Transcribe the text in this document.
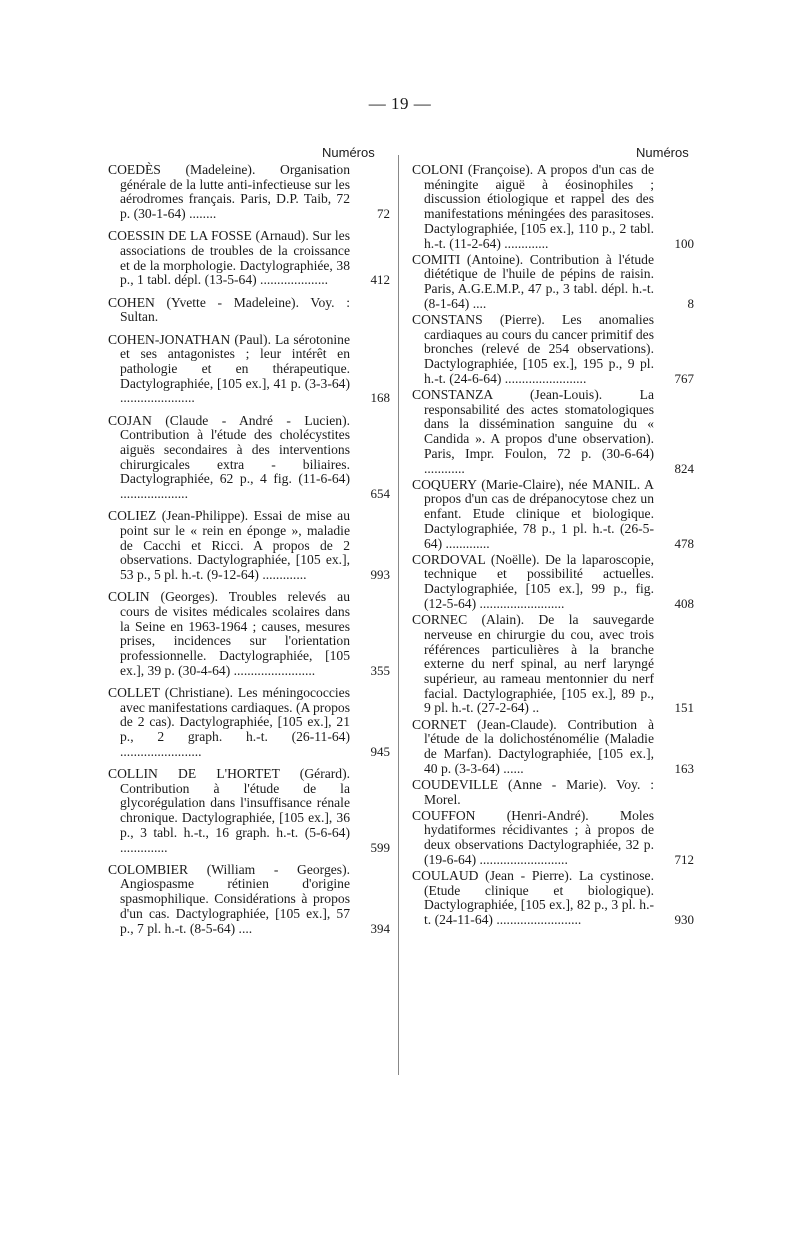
— 19 —
Numéros	Numéros
COEDÈS (Madeleine). Organisation générale de la lutte anti-infectieuse sur les aérodromes français. Paris, D.P. Taib, 72 p. (30-1-64) ........	72
COESSIN DE LA FOSSE (Arnaud). Sur les associations de troubles de la croissance et de la morphologie. Dactylographiée, 38 p., 1 tabl. dépl. (13-5-64) ....................	412
COHEN (Yvette - Madeleine). Voy. : Sultan.
COHEN-JONATHAN (Paul). La sérotonine et ses antagonistes ; leur intérêt en pathologie et en thérapeutique. Dactylographiée, [105 ex.], 41 p. (3-3-64) ......................	168
COJAN (Claude - André - Lucien). Contribution à l'étude des cholécystites aiguës secondaires à des interventions chirurgicales extra - biliaires. Dactylographiée, 62 p., 4 fig. (11-6-64) ....................	654
COLIEZ (Jean-Philippe). Essai de mise au point sur le « rein en éponge », maladie de Cacchi et Ricci. A propos de 2 observations. Dactylographiée, [105 ex.], 53 p., 5 pl. h.-t. (9-12-64) .............	993
COLIN (Georges). Troubles relevés au cours de visites médicales scolaires dans la Seine en 1963-1964 ; causes, mesures prises, incidences sur l'orientation professionnelle. Dactylographiée, [105 ex.], 39 p. (30-4-64) ........................	355
COLLET (Christiane). Les méningococcies avec manifestations cardiaques. (A propos de 2 cas). Dactylographiée, [105 ex.], 21 p., 2 graph. h.-t. (26-11-64) ........................	945
COLLIN DE L'HORTET (Gérard). Contribution à l'étude de la glycorégulation dans l'insuffisance rénale chronique. Dactylographiée, [105 ex.], 36 p., 3 tabl. h.-t., 16 graph. h.-t. (5-6-64) ..............	599
COLOMBIER (William - Georges). Angiospasme rétinien d'origine spasmophilique. Considérations à propos d'un cas. Dactylographiée, [105 ex.], 57 p., 7 pl. h.-t. (8-5-64) ....	394
COLONI (Françoise). A propos d'un cas de méningite aiguë à éosinophiles ; discussion étiologique et rappel des des manifestations méningées des parasitoses. Dactylographiée, [105 ex.], 110 p., 2 tabl. h.-t. (11-2-64) .............	100
COMITI (Antoine). Contribution à l'étude diététique de l'huile de pépins de raisin. Paris, A.G.E.M.P., 47 p., 3 tabl. dépl. h.-t. (8-1-64) ....	8
CONSTANS (Pierre). Les anomalies cardiaques au cours du cancer primitif des bronches (relevé de 254 observations). Dactylographiée, [105 ex.], 195 p., 9 pl. h.-t. (24-6-64) ........................	767
CONSTANZA (Jean-Louis). La responsabilité des actes stomatologiques dans la dissémination sanguine du « Candida ». A propos d'une observation). Paris, Impr. Foulon, 72 p. (30-6-64) ............	824
COQUERY (Marie-Claire), née MANIL. A propos d'un cas de drépanocytose chez un enfant. Etude clinique et biologique. Dactylographiée, 78 p., 1 pl. h.-t. (26-5-64) .............	478
CORDOVAL (Noëlle). De la laparoscopie, technique et possibilité actuelles. Dactylographiée, [105 ex.], 99 p., fig. (12-5-64) .........................	408
CORNEC (Alain). De la sauvegarde nerveuse en chirurgie du cou, avec trois références particulières à la branche externe du nerf spinal, au nerf laryngé supérieur, au rameau mentonnier du nerf facial. Dactylographiée, [105 ex.], 89 p., 9 pl. h.-t. (27-2-64) ..	151
CORNET (Jean-Claude). Contribution à l'étude de la dolichosténomélie (Maladie de Marfan). Dactylographiée, [105 ex.], 40 p. (3-3-64) ......	163
COUDEVILLE (Anne - Marie). Voy. : Morel.
COUFFON (Henri-André). Moles hydatiformes récidivantes ; à propos de deux observations Dactylographiée, 32 p. (19-6-64) ..........................	712
COULAUD (Jean - Pierre). La cystinose. (Etude clinique et biologique). Dactylographiée, [105 ex.], 82 p., 3 pl. h.-t. (24-11-64) .........................	930
